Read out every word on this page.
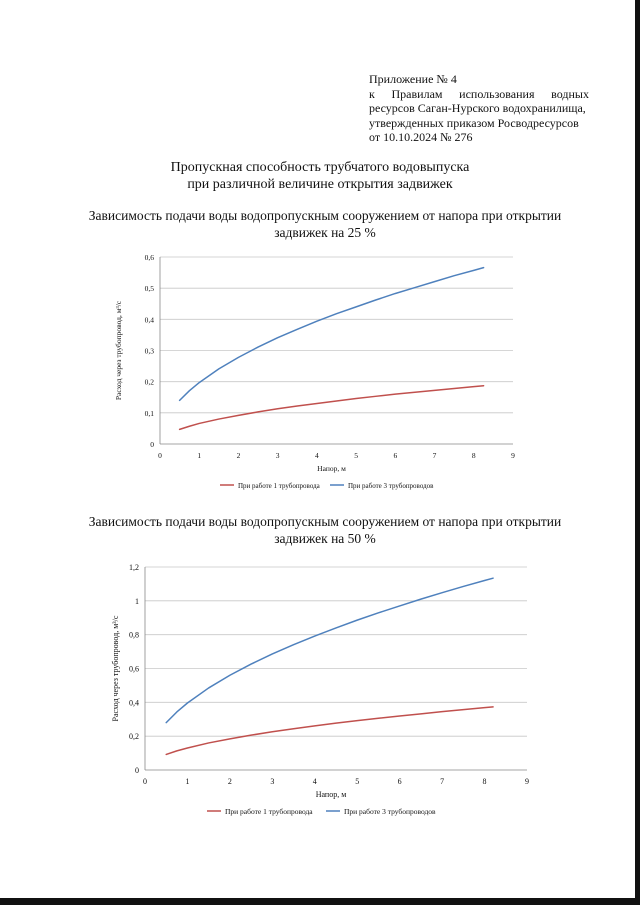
Приложение № 4
к Правилам использования водных
ресурсов Саган-Нурского водохранилища,
утвержденных приказом Росводресурсов
от 10.10.2024 № 276
Пропускная способность трубчатого водовыпуска
при различной величине открытия задвижек
Зависимость подачи воды водопропускным сооружением от напора при открытии
задвижек на 25 %
0
0,1
0,2
0,3
0,4
0,5
0,6
0	1	2	3	4	5	6	7	8	9
Напор, м
Расход через трубопровод, м³/с
При работе 1 трубопровода	При работе 3 трубопроводов
Зависимость подачи воды водопропускным сооружением от напора при открытии
задвижек на 50 %
0
0,2
0,4
0,6
0,8
1
1,2
0	1	2	3	4	5	6	7	8	9
Напор, м
Расход через трубопровод, м³/с
При работе 1 трубопровода	При работе 3 трубопроводов
